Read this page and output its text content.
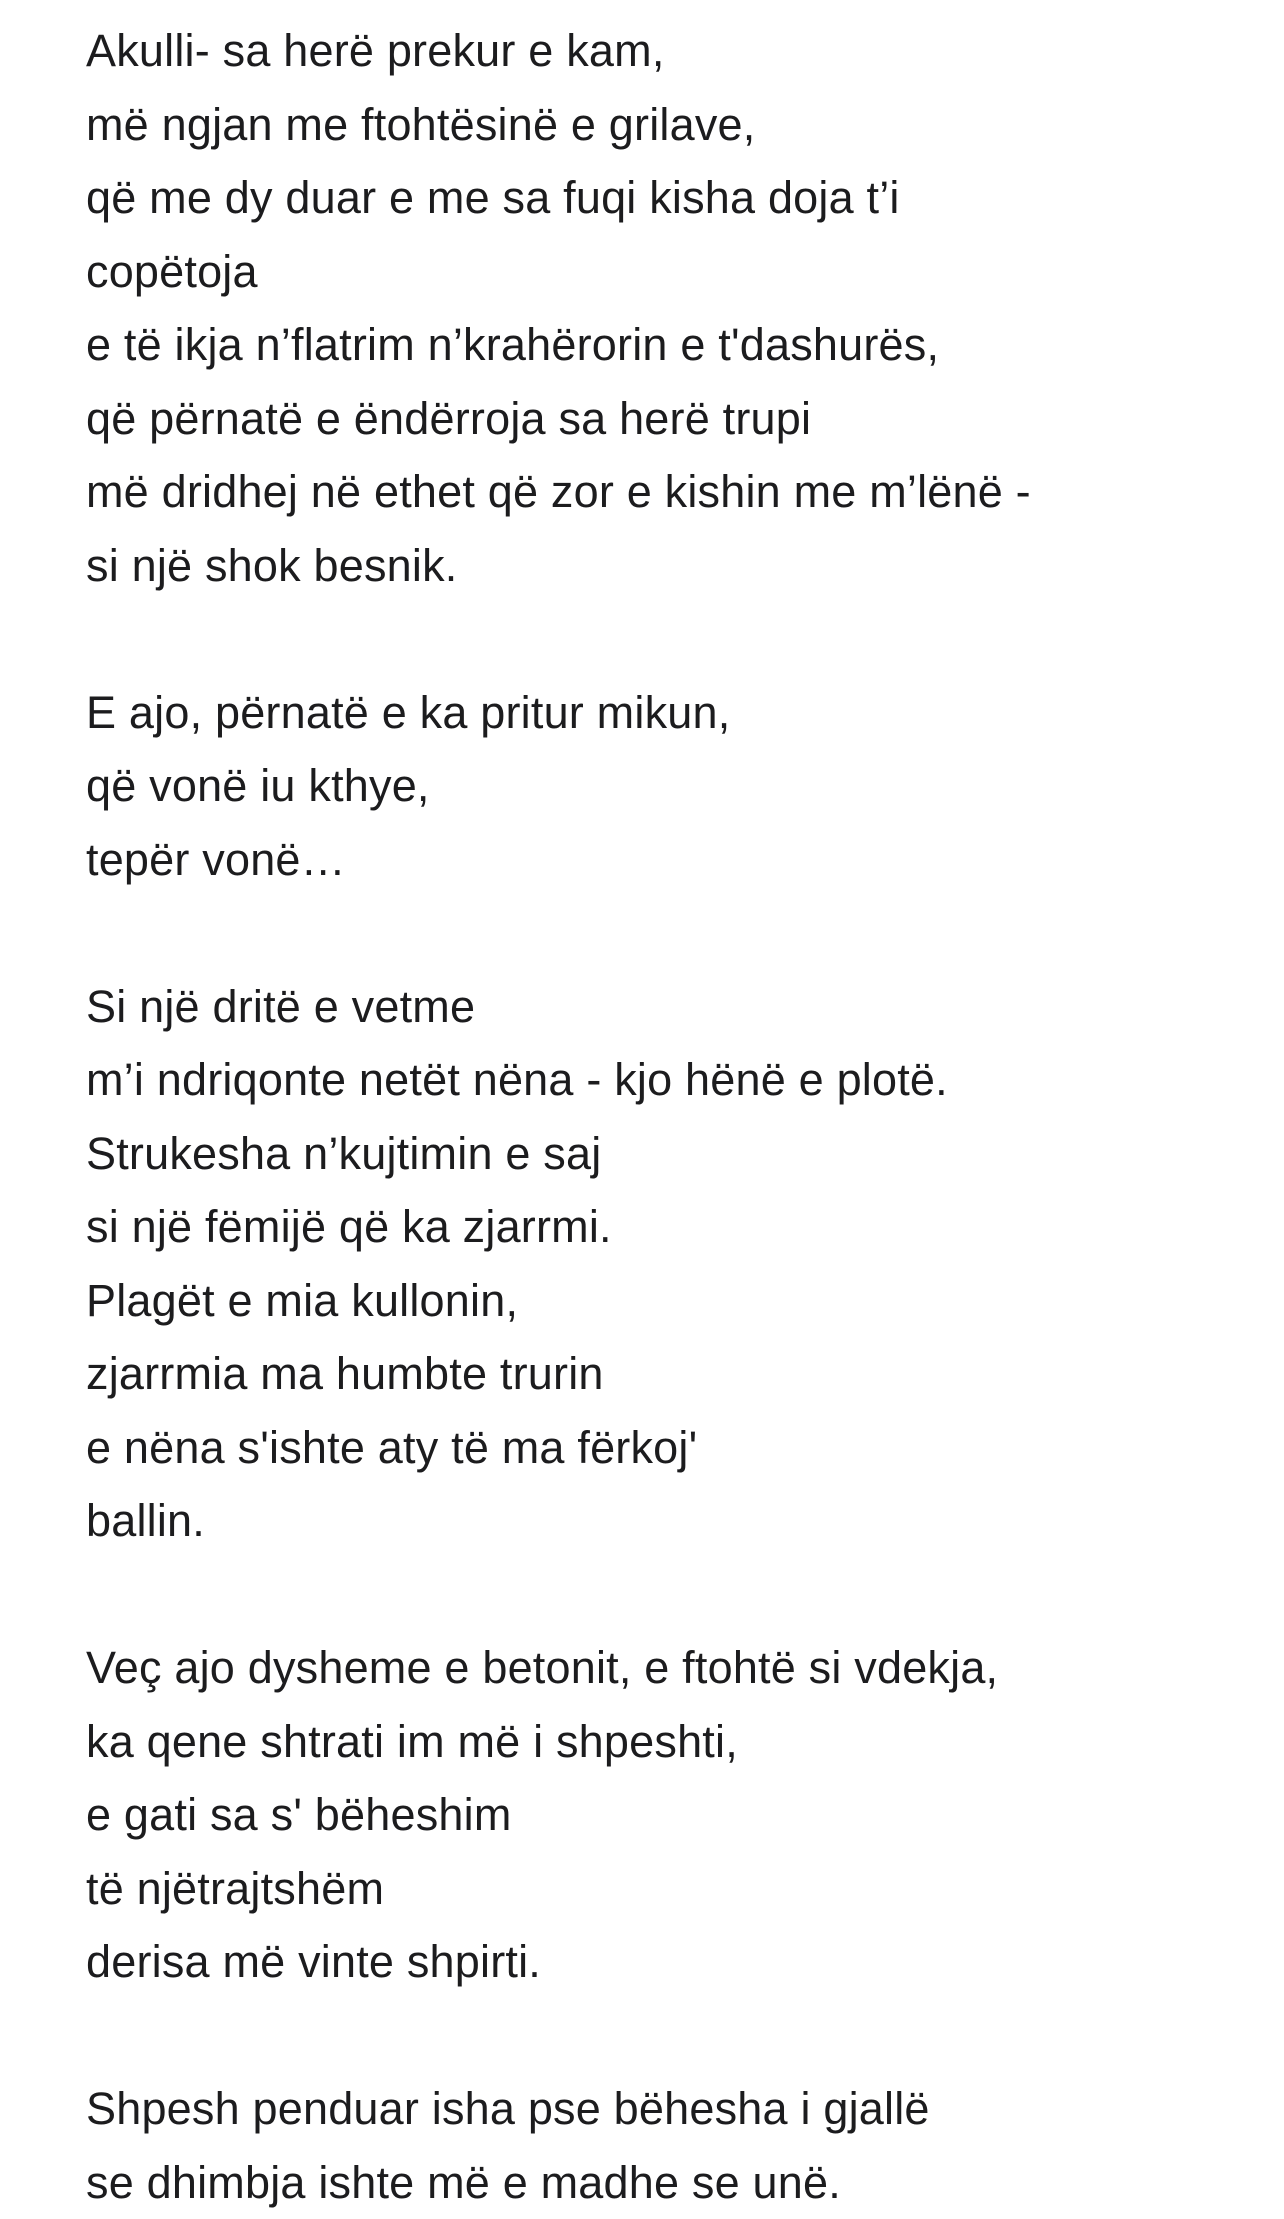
Akulli- sa herë prekur e kam,
më ngjan me ftohtësinë e grilave,
që me dy duar e me sa fuqi kisha doja t’i
copëtoja
e të ikja n’flatrim n’krahërorin e t'dashurës,
që përnatë e ëndërroja sa herë trupi
më dridhej në ethet që zor e kishin me m’lënë -
si një shok besnik.
E ajo, përnatë e ka pritur mikun,
që vonë iu kthye,
tepër vonë…
Si një dritë e vetme
m’i ndriqonte netët nëna - kjo hënë e plotë.
Strukesha n’kujtimin e saj
si një fëmijë që ka zjarrmi.
Plagët e mia kullonin,
zjarrmia ma humbte trurin
e nëna s'ishte aty të ma fërkoj'
ballin.
Veç ajo dysheme e betonit, e ftohtë si vdekja,
ka qene shtrati im më i shpeshti,
e gati sa s' bëheshim
të njëtrajtshëm
derisa më vinte shpirti.
Shpesh penduar isha pse bëhesha i gjallë
se dhimbja ishte më e madhe se unë.
